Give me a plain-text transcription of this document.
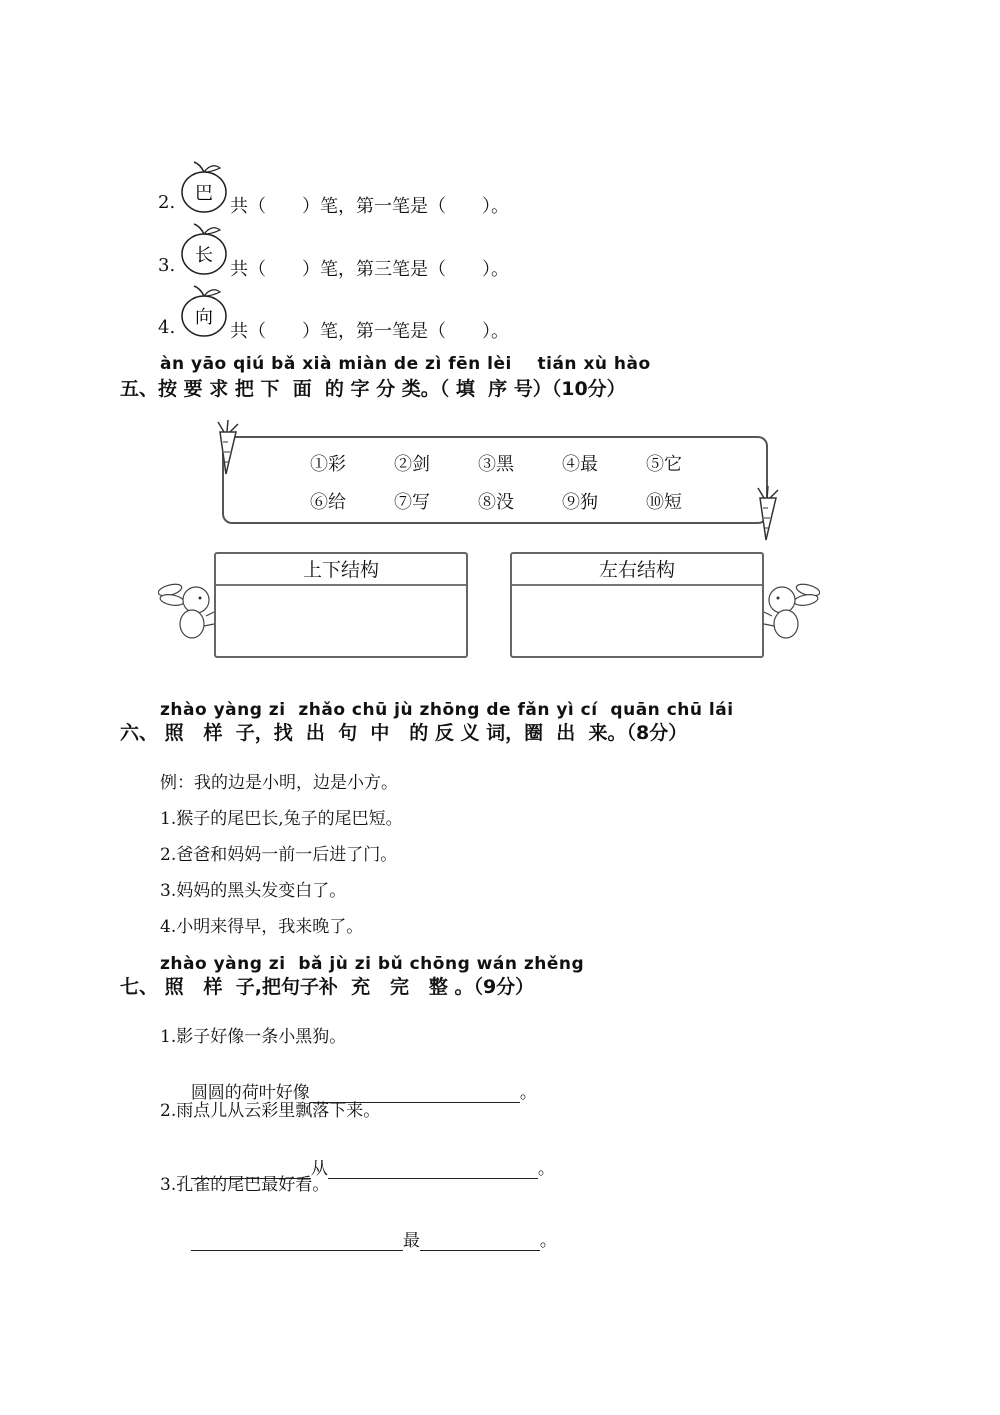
2. 巴
共（　　）笔，第一笔是（　　）。
3. 长
共（　　）笔，第三笔是（　　）。
4. 向
共（　　）笔，第一笔是（　　）。
àn yāo qiú bǎ xià miàn de zì fēn lèi    tián xù hào
五、按 要 求 把 下  面  的 字 分 类。（ 填  序 号）（10分）
①彩	②剑	③黑	④最	⑤它
⑥给	⑦写	⑧没	⑨狗	⑩短
上下结构	左右结构
zhào yàng zi  zhǎo chū jù zhōng de fǎn yì cí  quān chū lái
六、 照   样  子，找  出  句  中   的 反 义 词，圈  出  来。（8分）
例：我的边是小明，边是小方。
1.猴子的尾巴长,兔子的尾巴短。
2.爸爸和妈妈一前一后进了门。
3.妈妈的黑头发变白了。
4.小明来得早，我来晚了。
zhào yàng zi  bǎ jù zi bǔ chōng wán zhěng
七、 照   样  子,把句子补  充   完   整 。（9分）
1.影子好像一条小黑狗。

圆圆的荷叶好像	。

2.雨点儿从云彩里飘落下来。

从	。

3.孔雀的尾巴最好看。

最	。
